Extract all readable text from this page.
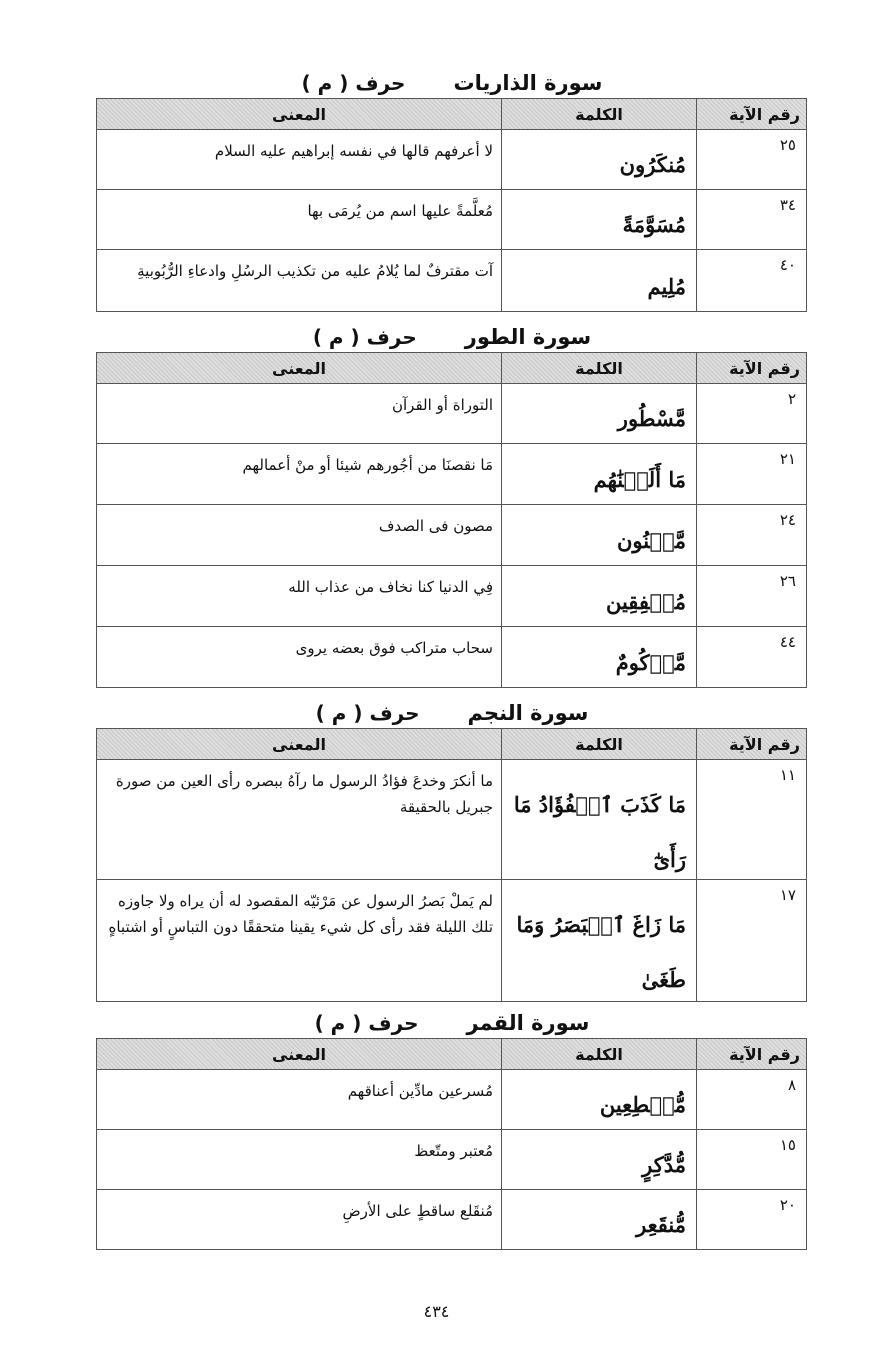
سورة الذاريات
حرف ( م )
رقم الآية	الكلمة	المعنى
٢٥	مُنكَرُون	لا أعرفهم قالها في نفسه إبراهيم عليه السلام
٣٤	مُسَوَّمَةً	مُعلَّمةً عليها اسم من يُرمَى بها
٤٠	مُلِيم	آت مقترفٌ لما يُلامُ عليه من تكذيب الرسُلِ وادعاءِ الرُّبُوبيةِ
سورة الطور
حرف ( م )
رقم الآية	الكلمة	المعنى
٢	مَّسْطُور	التوراة أو القرآن
٢١	مَا أَلَتۡنَٰهُم	مَا نقصنَا من أجُورهم شيئا أو منْ أعمالهم
٢٤	مَّكۡنُون	مصون فى الصدف
٢٦	مُشۡفِقِين	فِي الدنيا كنا نخاف من عذاب الله
٤٤	مَّرۡكُومٌ	سحاب متراكب فوق بعضه يروى
سورة النجم
حرف ( م )
رقم الآية	الكلمة	المعنى
١١	مَا كَذَبَ ٱلۡفُؤَادُ مَا رَأَىٰٓ	ما أنكرَ وخدعَ فؤادُ الرسول ما رآهُ ببصره رأى العين من صورة جبريل بالحقيقة
١٧	مَا زَاغَ ٱلۡبَصَرُ وَمَا طَغَىٰ	لم يَملْ بَصرُ الرسول عن مَرْئيّه المقصود له أن يراه ولا جاوزه تلك الليلة فقد رأى كل شيء يقينا متحققًا دون التباسٍ أو اشتباهٍ
سورة القمر
حرف ( م )
رقم الآية	الكلمة	المعنى
٨	مُّهۡطِعِين	مُسرعين مادِّين أعناقهم
١٥	مُّدَّكِرٍ	مُعتبر ومتّعظ
٢٠	مُّنقَعِر	مُنقَلع ساقطٍ على الأرضِ
٤٣٤
